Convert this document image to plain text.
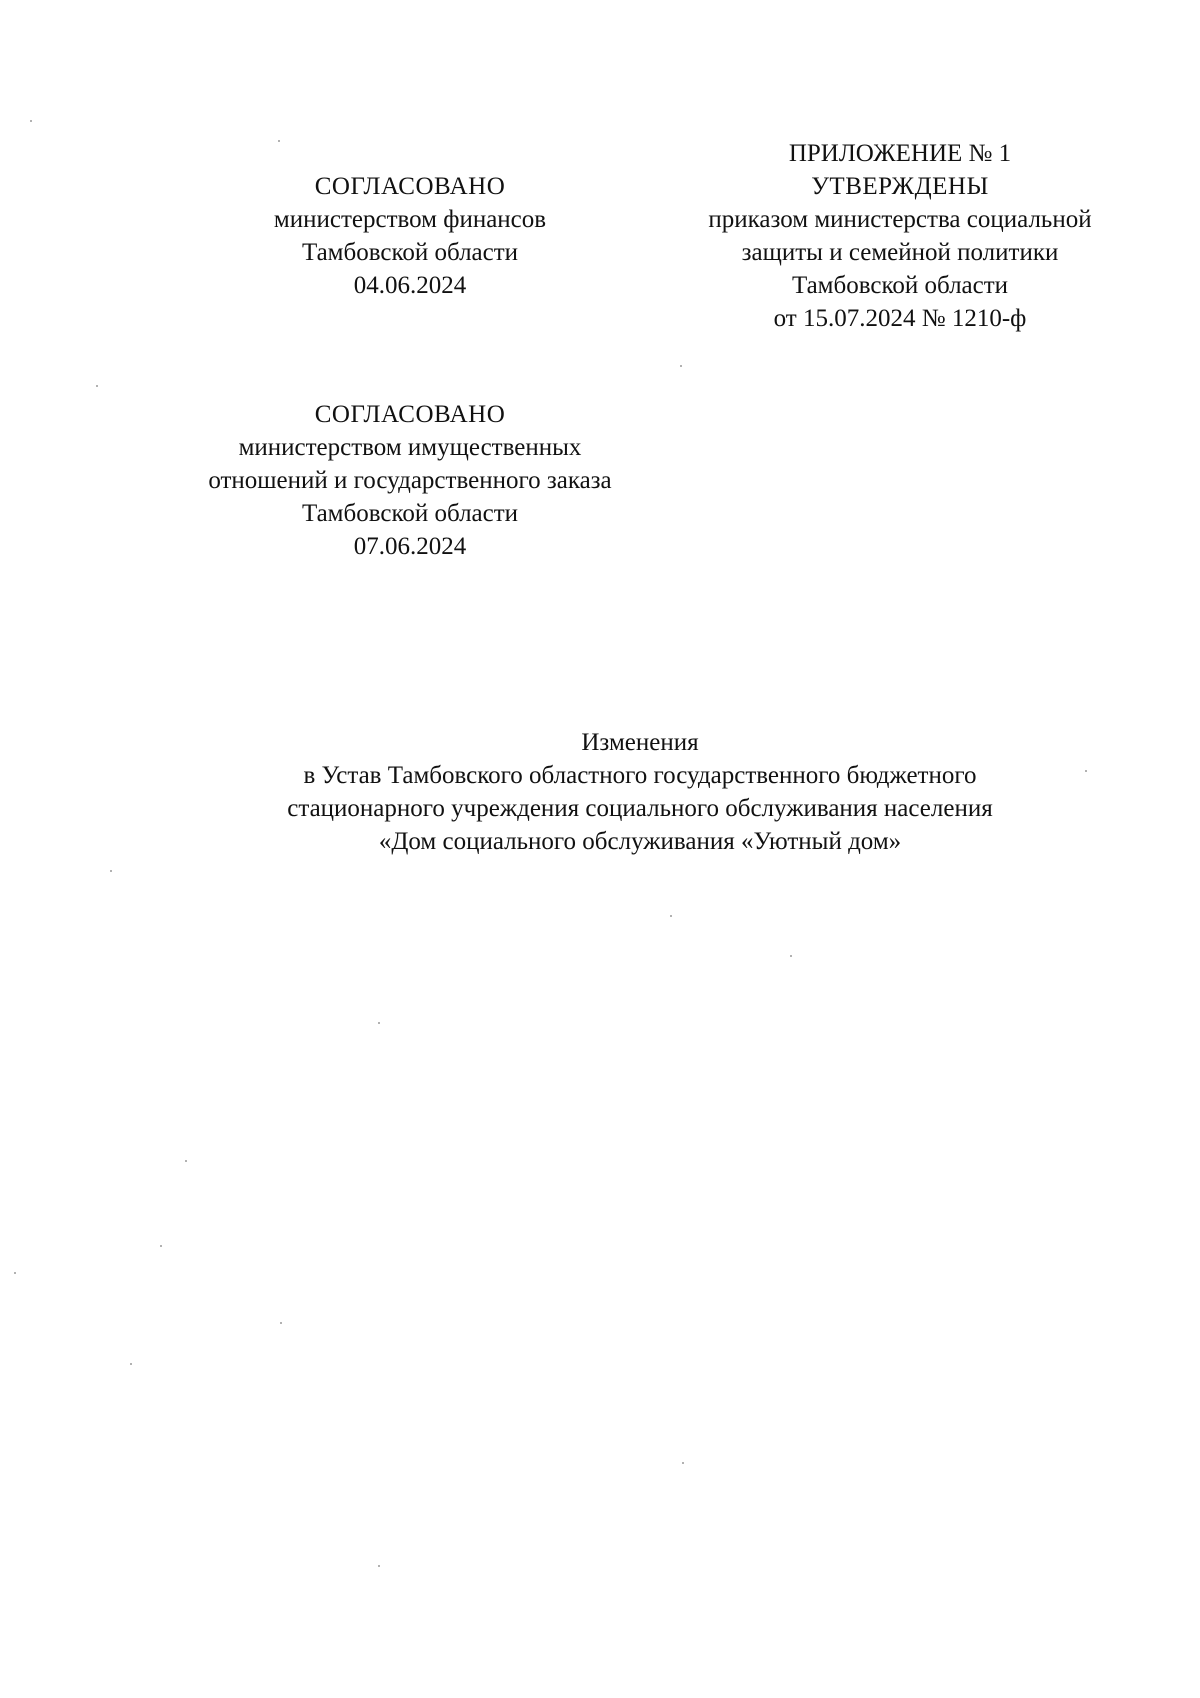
ПРИЛОЖЕНИЕ № 1
УТВЕРЖДЕНЫ
приказом министерства социальной
защиты и семейной политики
Тамбовской области
от 15.07.2024 № 1210-ф
СОГЛАСОВАНО
министерством финансов
Тамбовской области
04.06.2024
СОГЛАСОВАНО
министерством имущественных
отношений и государственного заказа
Тамбовской области
07.06.2024
Изменения
в Устав Тамбовского областного государственного бюджетного
стационарного учреждения социального обслуживания населения
«Дом социального обслуживания «Уютный дом»
